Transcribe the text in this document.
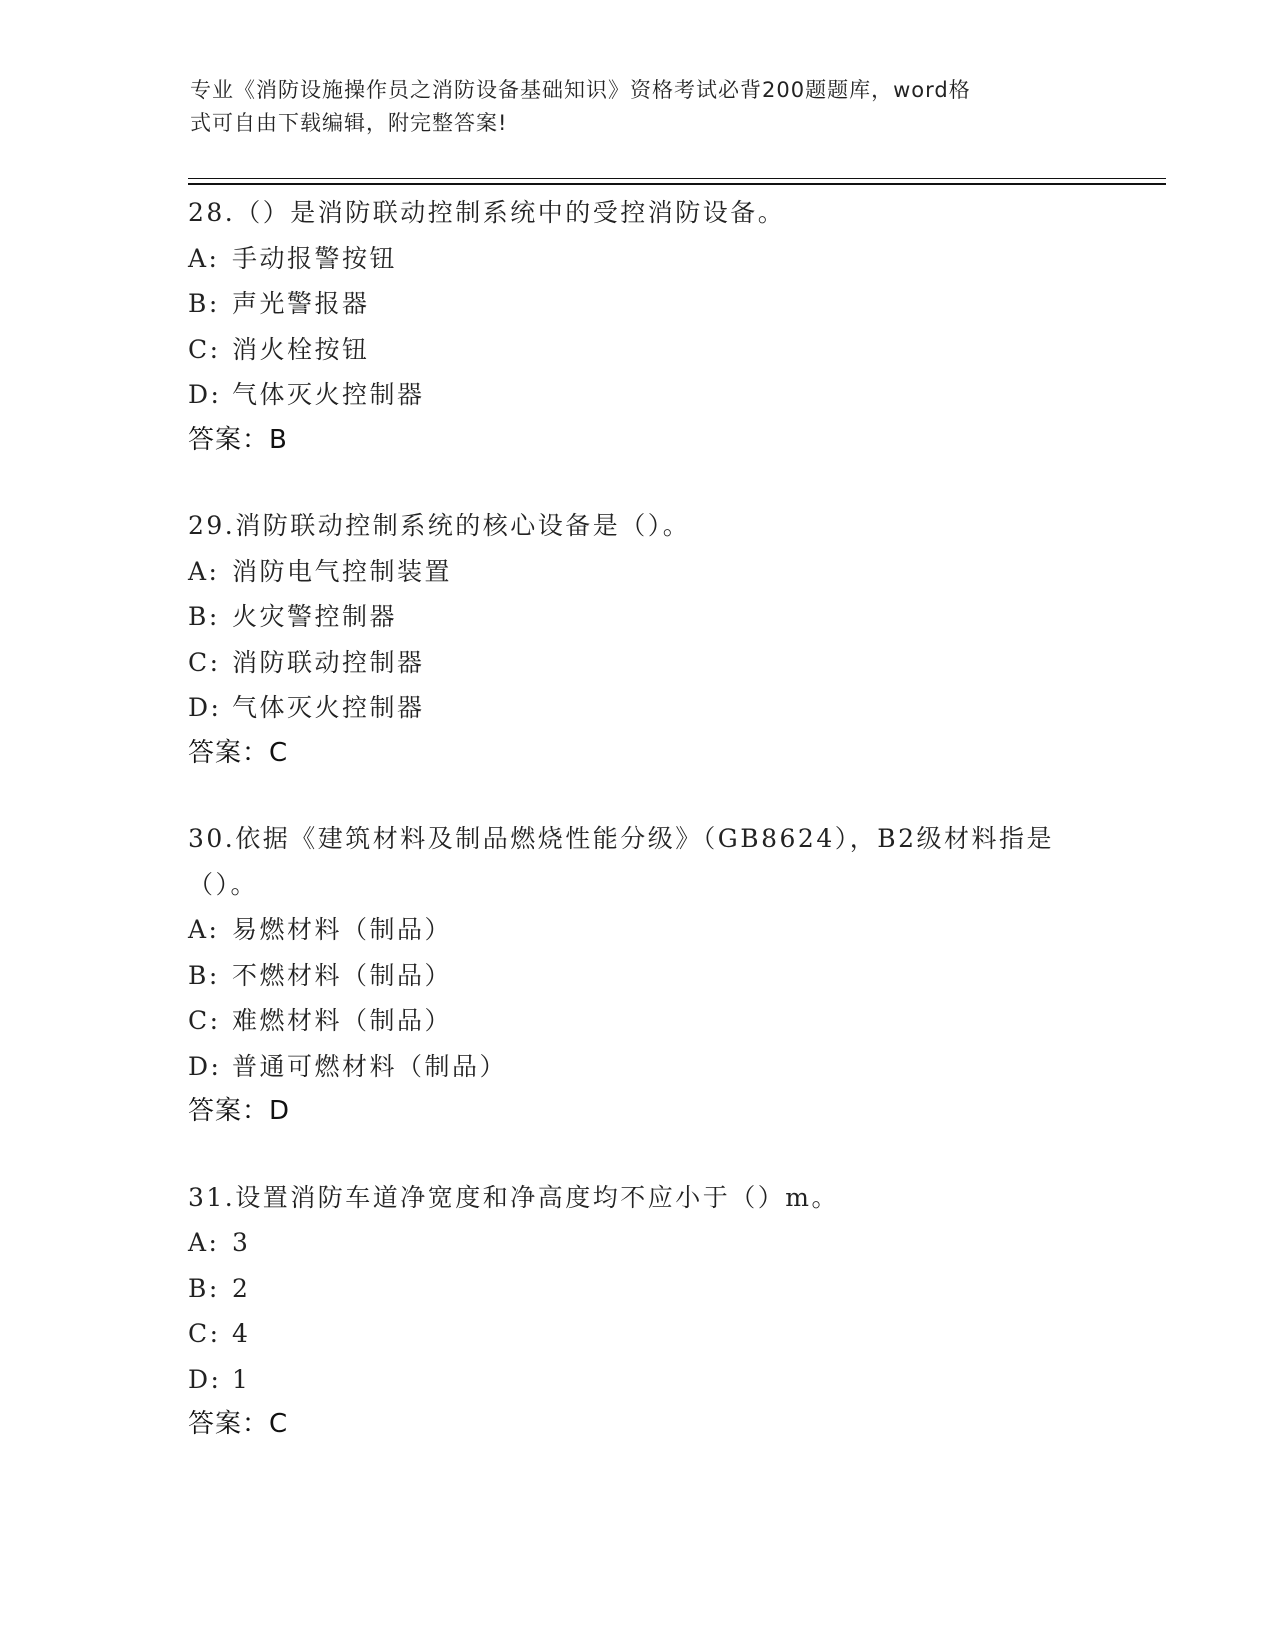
专业《消防设施操作员之消防设备基础知识》资格考试必背200题题库，word格
式可自由下载编辑，附完整答案!
28.（）是消防联动控制系统中的受控消防设备。
A: 手动报警按钮
B: 声光警报器
C: 消火栓按钮
D: 气体灭火控制器
答案：B
29.消防联动控制系统的核心设备是（）。
A: 消防电气控制装置
B: 火灾警控制器
C: 消防联动控制器
D: 气体灭火控制器
答案：C
30.依据《建筑材料及制品燃烧性能分级》（GB8624），B2级材料指是
（）。
A: 易燃材料（制品）
B: 不燃材料（制品）
C: 难燃材料（制品）
D: 普通可燃材料（制品）
答案：D
31.设置消防车道净宽度和净高度均不应小于（）m。
A: 3
B: 2
C: 4
D: 1
答案：C
